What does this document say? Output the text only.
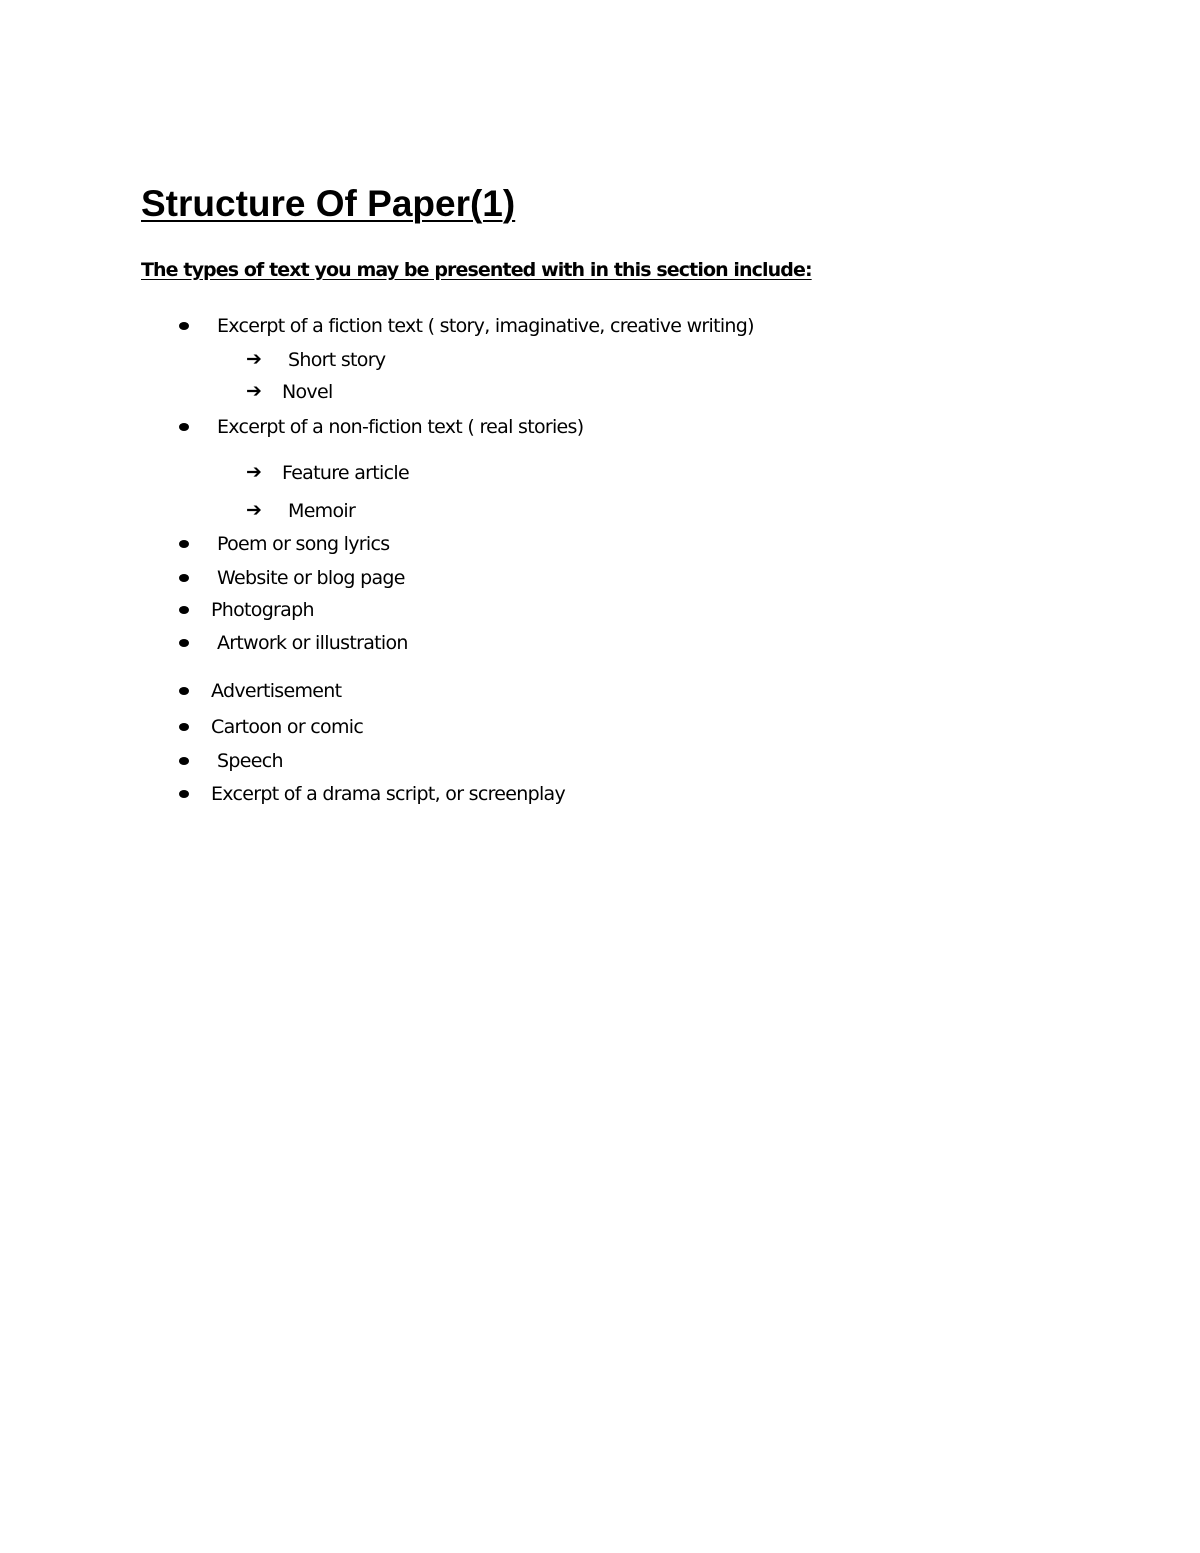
Structure Of Paper(1)
The types of text you may be presented with in this section include:
Excerpt of a fiction text ( story, imaginative, creative writing)
➔ Short story
➔ Novel
Excerpt of a non-fiction text ( real stories)
➔ Feature article
➔ Memoir
Poem or song lyrics
Website or blog page
Photograph
Artwork or illustration
Advertisement
Cartoon or comic
Speech
Excerpt of a drama script, or screenplay
